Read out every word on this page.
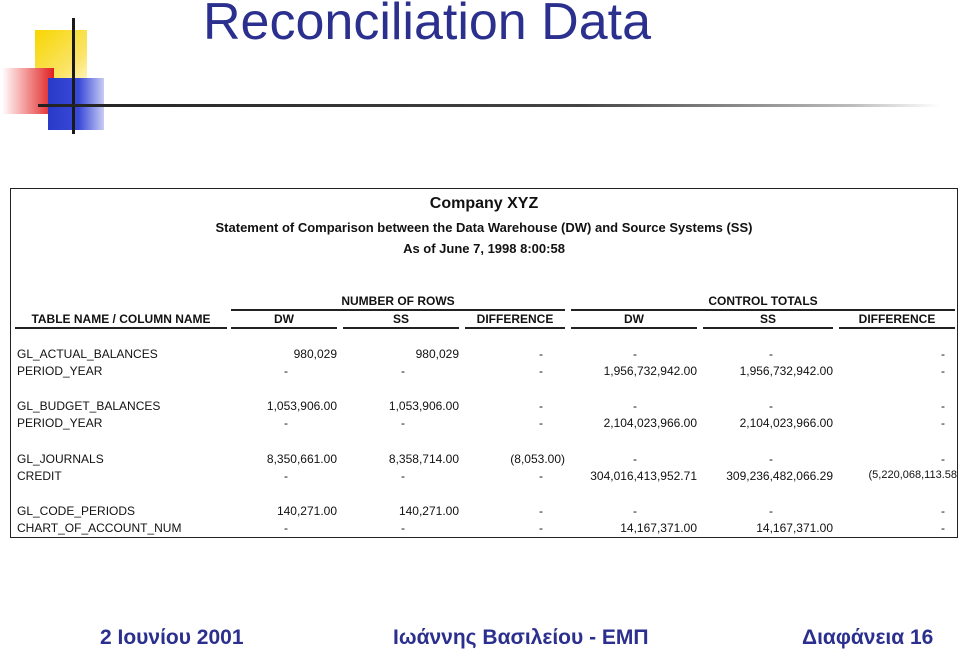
Reconciliation Data
Company XYZ
Statement of Comparison between the Data Warehouse (DW) and Source Systems (SS)
As of June 7, 1998 8:00:58
NUMBER OF ROWS	CONTROL TOTALS
TABLE NAME / COLUMN NAME	DW	SS	DIFFERENCE	DW	SS	DIFFERENCE
GL_ACTUAL_BALANCES	980,029	980,029	-	-	-	-
PERIOD_YEAR	-	-	-	1,956,732,942.00	1,956,732,942.00	-
GL_BUDGET_BALANCES	1,053,906.00	1,053,906.00	-	-	-	-
PERIOD_YEAR	-	-	-	2,104,023,966.00	2,104,023,966.00	-
GL_JOURNALS	8,350,661.00	8,358,714.00	(8,053.00)	-	-	-
CREDIT	-	-	-	304,016,413,952.71	309,236,482,066.29	(5,220,068,113.58
GL_CODE_PERIODS	140,271.00	140,271.00	-	-	-	-
CHART_OF_ACCOUNT_NUM	-	-	-	14,167,371.00	14,167,371.00	-
2 Ιουνίου 2001	Ιωάννης Βασιλείου - ΕΜΠ	Διαφάνεια 16
